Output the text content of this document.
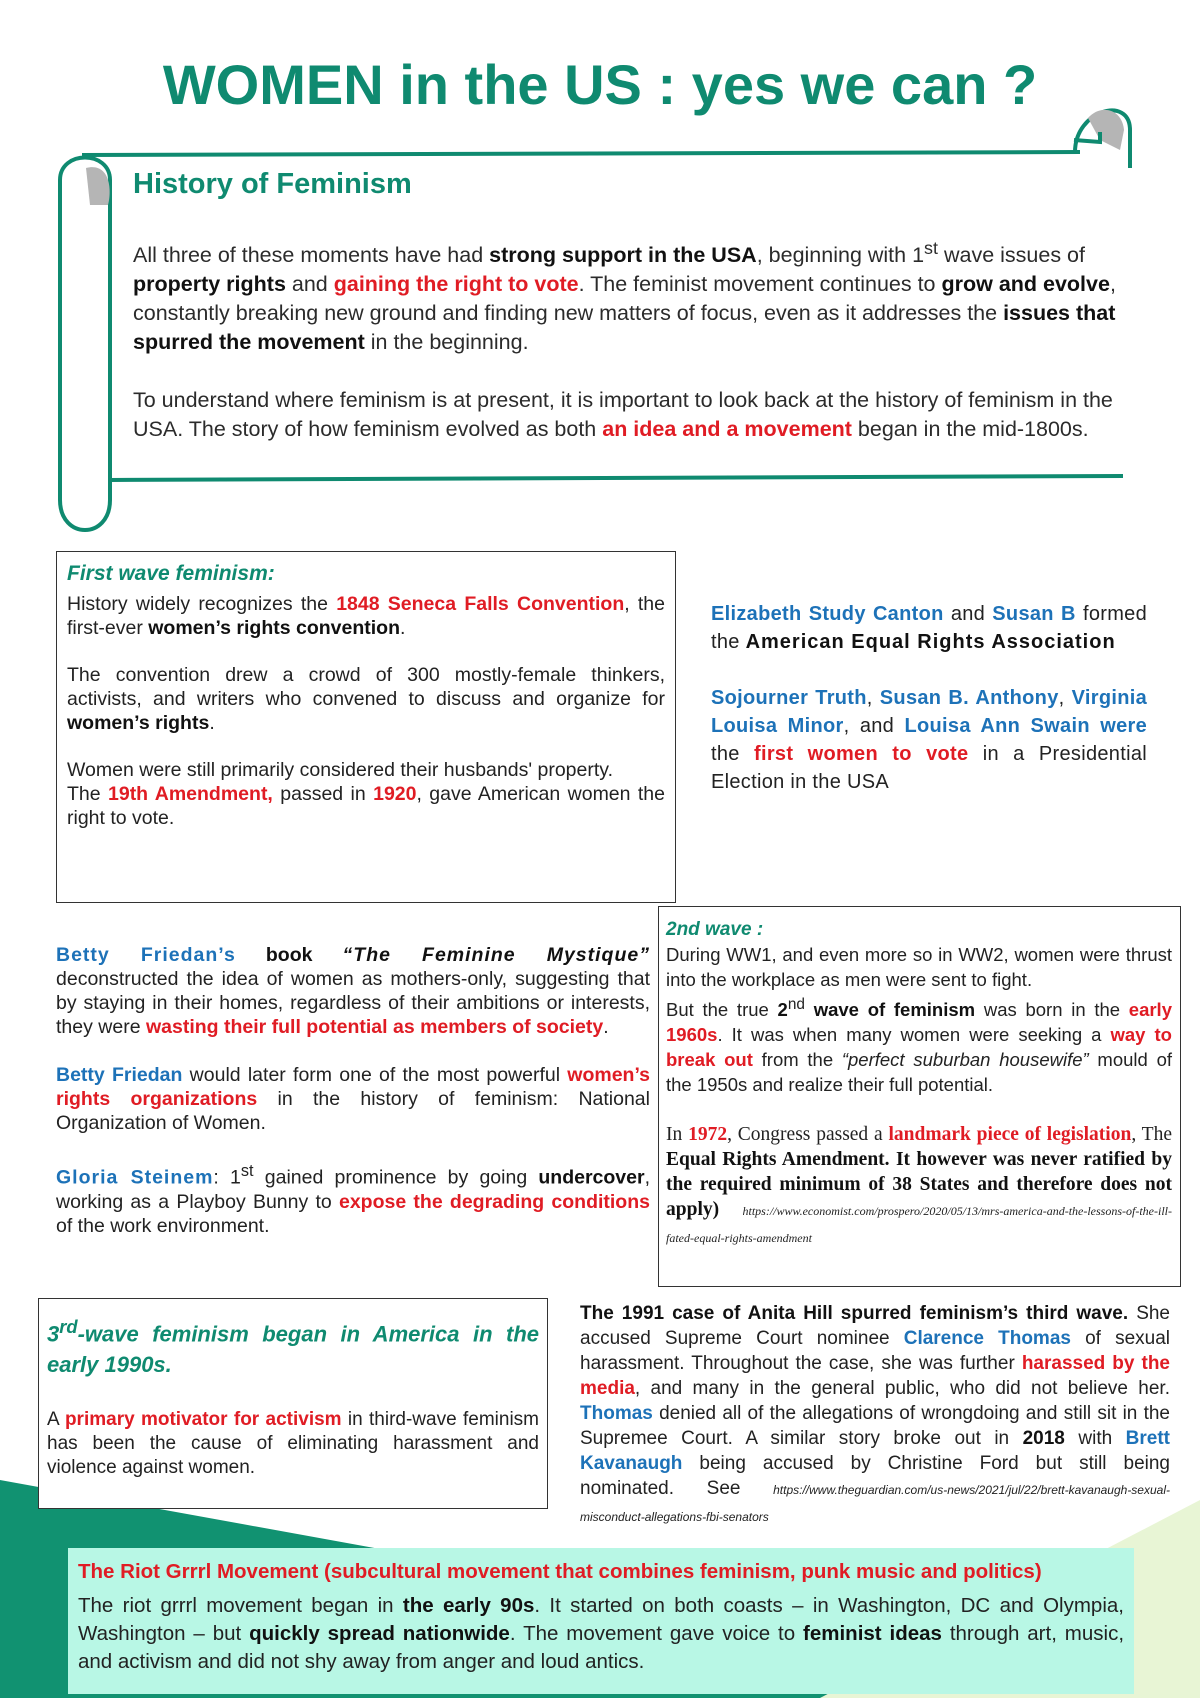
WOMEN in the US : yes we can ?
History of Feminism

All three of these moments have had strong support in the USA, beginning with 1st wave issues of property rights and gaining the right to vote. The feminist movement continues to grow and evolve, constantly breaking new ground and finding new matters of focus, even as it addresses the issues that spurred the movement in the beginning.

To understand where feminism is at present, it is important to look back at the history of feminism in the USA. The story of how feminism evolved as both an idea and a movement began in the mid-1800s.

First wave feminism:

History widely recognizes the 1848 Seneca Falls Convention, the first-ever women’s rights convention.

The convention drew a crowd of 300 mostly-female thinkers, activists, and writers who convened to discuss and organize for women’s rights.

Women were still primarily considered their husbands' property.

The 19th Amendment, passed in 1920, gave American women the right to vote.

Elizabeth Study Canton and Susan B formed the American Equal Rights Association

Sojourner Truth, Susan B. Anthony, Virginia Louisa Minor, and Louisa Ann Swain were the first women to vote in a Presidential Election in the USA

2nd wave :

During WW1, and even more so in WW2, women were thrust into the workplace as men were sent to fight.

But the true 2nd wave of feminism was born in the early 1960s. It was when many women were seeking a way to break out from the “perfect suburban housewife” mould of the 1950s and realize their full potential.

In 1972, Congress passed a landmark piece of legislation, The Equal Rights Amendment. It however was never ratified by the required minimum of 38 States and therefore does not apply) https://www.economist.com/prospero/2020/05/13/mrs-america-and-the-lessons-of-the-ill-fated-equal-rights-amendment

Betty Friedan’s book “The Feminine Mystique” deconstructed the idea of women as mothers-only, suggesting that by staying in their homes, regardless of their ambitions or interests, they were wasting their full potential as members of society.

Betty Friedan would later form one of the most powerful women’s rights organizations in the history of feminism: National Organization of Women.

Gloria Steinem: 1st gained prominence by going undercover, working as a Playboy Bunny to expose the degrading conditions of the work environment.

3rd-wave feminism began in America in the early 1990s.

A primary motivator for activism in third-wave feminism has been the cause of eliminating harassment and violence against women.

The 1991 case of Anita Hill spurred feminism’s third wave. She accused Supreme Court nominee Clarence Thomas of sexual harassment. Throughout the case, she was further harassed by the media, and many in the general public, who did not believe her. Thomas denied all of the allegations of wrongdoing and still sit in the Supremee Court. A similar story broke out in 2018 with Brett Kavanaugh being accused by Christine Ford but still being nominated. See https://www.theguardian.com/us-news/2021/jul/22/brett-kavanaugh-sexual-misconduct-allegations-fbi-senators

The Riot Grrrl Movement (subcultural movement that combines feminism, punk music and politics)

The riot grrrl movement began in the early 90s. It started on both coasts – in Washington, DC and Olympia, Washington – but quickly spread nationwide. The movement gave voice to feminist ideas through art, music, and activism and did not shy away from anger and loud antics.
